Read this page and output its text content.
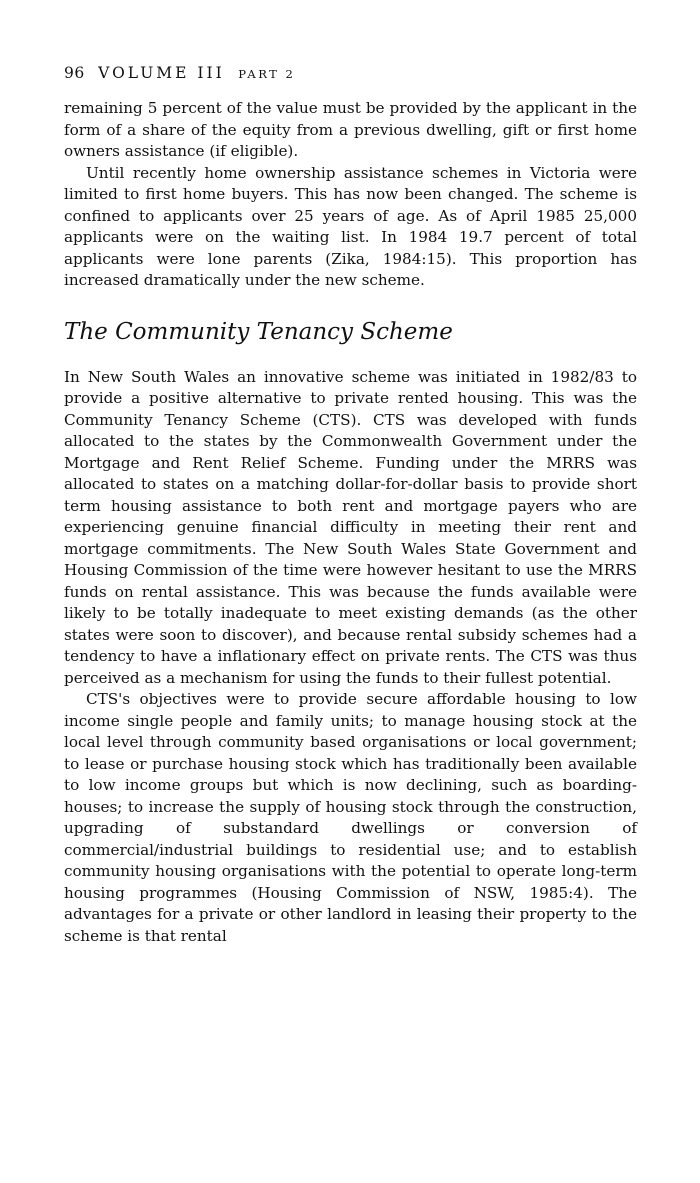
96 VOLUME III PART 2

remaining 5 percent of the value must be provided by the applicant in the form of a share of the equity from a previous dwelling, gift or first home owners assistance (if eligible).

Until recently home ownership assistance schemes in Victoria were limited to first home buyers. This has now been changed. The scheme is confined to applicants over 25 years of age. As of April 1985 25,000 applicants were on the waiting list. In 1984 19.7 percent of total applicants were lone parents (Zika, 1984:15). This proportion has increased dramatically under the new scheme.

The Community Tenancy Scheme

In New South Wales an innovative scheme was initiated in 1982/83 to provide a positive alternative to private rented housing. This was the Community Tenancy Scheme (CTS). CTS was developed with funds allocated to the states by the Commonwealth Government under the Mortgage and Rent Relief Scheme. Funding under the MRRS was allocated to states on a matching dollar-for-dollar basis to provide short term housing assistance to both rent and mortgage payers who are experiencing genuine financial difficulty in meeting their rent and mortgage commitments. The New South Wales State Government and Housing Commission of the time were however hesitant to use the MRRS funds on rental assistance. This was because the funds available were likely to be totally inadequate to meet existing demands (as the other states were soon to discover), and because rental subsidy schemes had a tendency to have a inflationary effect on private rents. The CTS was thus perceived as a mechanism for using the funds to their fullest potential.

CTS's objectives were to provide secure affordable housing to low income single people and family units; to manage housing stock at the local level through community based organisations or local government; to lease or purchase housing stock which has traditionally been available to low income groups but which is now declining, such as boarding-houses; to increase the supply of housing stock through the construction, upgrading of substandard dwellings or conversion of commercial/industrial buildings to residential use; and to establish community housing organisations with the potential to operate long-term housing programmes (Housing Commission of NSW, 1985:4). The advantages for a private or other landlord in leasing their property to the scheme is that rental
